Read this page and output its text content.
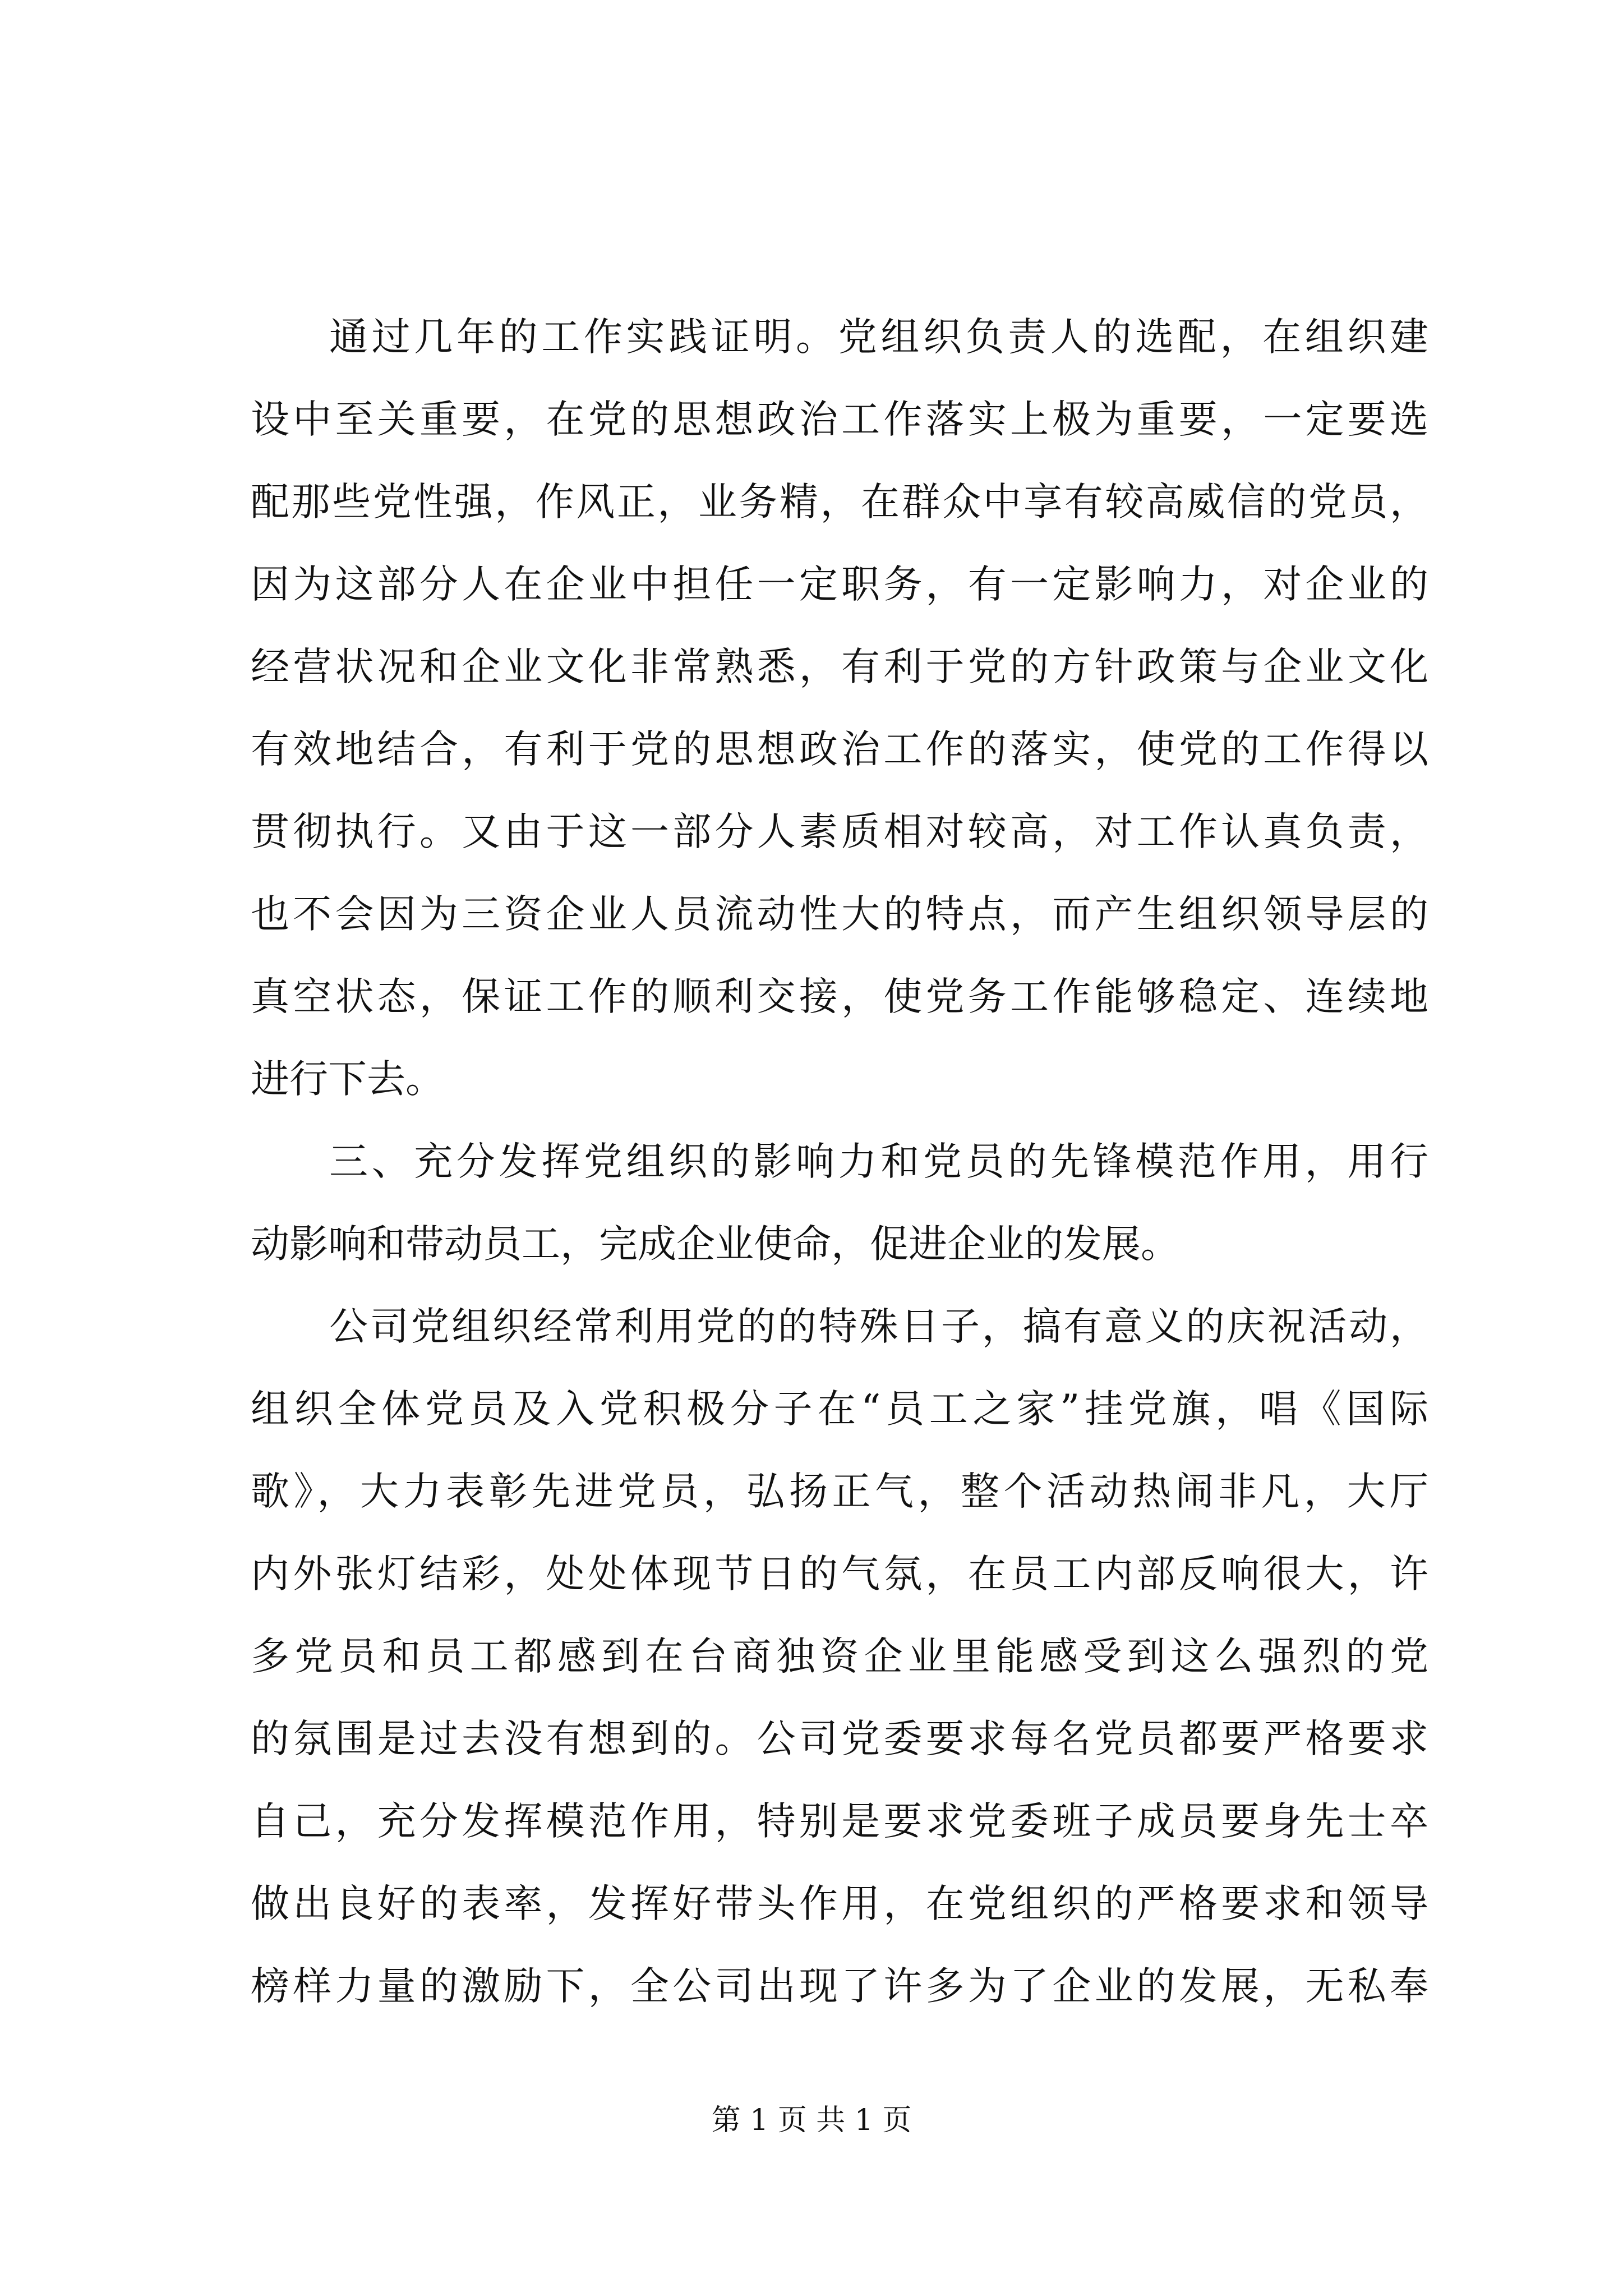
通过几年的工作实践证明。党组织负责人的选配，在组织建
设中至关重要，在党的思想政治工作落实上极为重要，一定要选
配那些党性强，作风正，业务精，在群众中享有较高威信的党员，
因为这部分人在企业中担任一定职务，有一定影响力，对企业的
经营状况和企业文化非常熟悉，有利于党的方针政策与企业文化
有效地结合，有利于党的思想政治工作的落实，使党的工作得以
贯彻执行。又由于这一部分人素质相对较高，对工作认真负责，
也不会因为三资企业人员流动性大的特点，而产生组织领导层的
真空状态，保证工作的顺利交接，使党务工作能够稳定、连续地
进行下去。
三、充分发挥党组织的影响力和党员的先锋模范作用，用行
动影响和带动员工，完成企业使命，促进企业的发展。
公司党组织经常利用党的的特殊日子，搞有意义的庆祝活动，
组织全体党员及入党积极分子在“员工之家”挂党旗，唱《国际
歌》，大力表彰先进党员，弘扬正气，整个活动热闹非凡，大厅
内外张灯结彩，处处体现节日的气氛，在员工内部反响很大，许
多党员和员工都感到在台商独资企业里能感受到这么强烈的党
的氛围是过去没有想到的。公司党委要求每名党员都要严格要求
自己，充分发挥模范作用，特别是要求党委班子成员要身先士卒
做出良好的表率，发挥好带头作用，在党组织的严格要求和领导
榜样力量的激励下，全公司出现了许多为了企业的发展，无私奉
第 1 页 共 1 页
